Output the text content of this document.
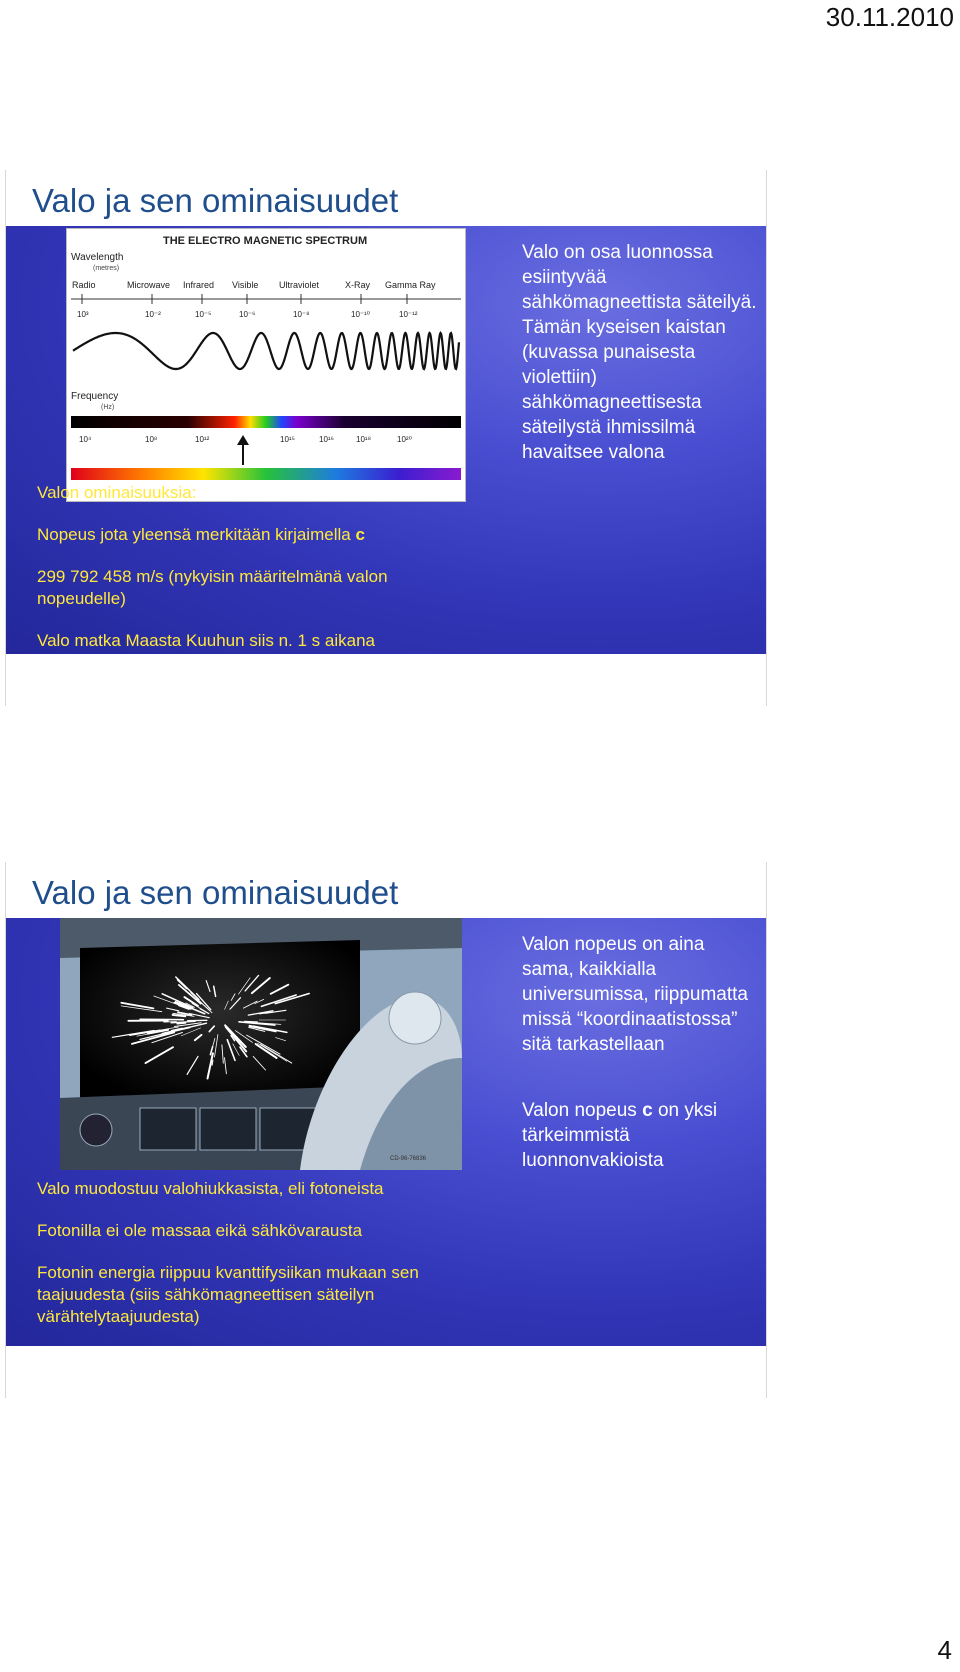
30.11.2010
Valo ja sen ominaisuudet
THE ELECTRO MAGNETIC SPECTRUM
Wavelength
(metres)
Radio	Microwave Infrared Visible Ultraviolet	X-Ray Gamma Ray
10³	10⁻²	10⁻⁵	10⁻⁶	10⁻⁸	10⁻¹⁰	10⁻¹²
Frequency
(Hz)
10⁴	10⁸	10¹²	10¹⁵	10¹⁶	10¹⁸	10²⁰
Valo on osa luonnossa esiintyvää sähkömagneettista säteilyä. Tämän kyseisen kaistan (kuvassa punaisesta violettiin) sähkömagneettisesta säteilystä ihmissilmä havaitsee valona
Valon ominaisuuksia:
Nopeus jota yleensä merkitään kirjaimella c
299 792 458 m/s (nykyisin määritelmänä valon nopeudelle)
Valo matka Maasta Kuuhun siis n. 1 s aikana
Valo ja sen ominaisuudet
CD-96-76836
Valon nopeus on aina sama, kaikkialla universumissa, riippumatta missä “koordinaatistossa” sitä tarkastellaan
Valon nopeus c on yksi tärkeimmistä luonnonvakioista
Valo muodostuu valohiukkasista, eli fotoneista
Fotonilla ei ole massaa eikä sähkövarausta
Fotonin energia riippuu kvanttifysiikan mukaan sen taajuudesta (siis sähkömagneettisen säteilyn värähtelytaajuudesta)
4
